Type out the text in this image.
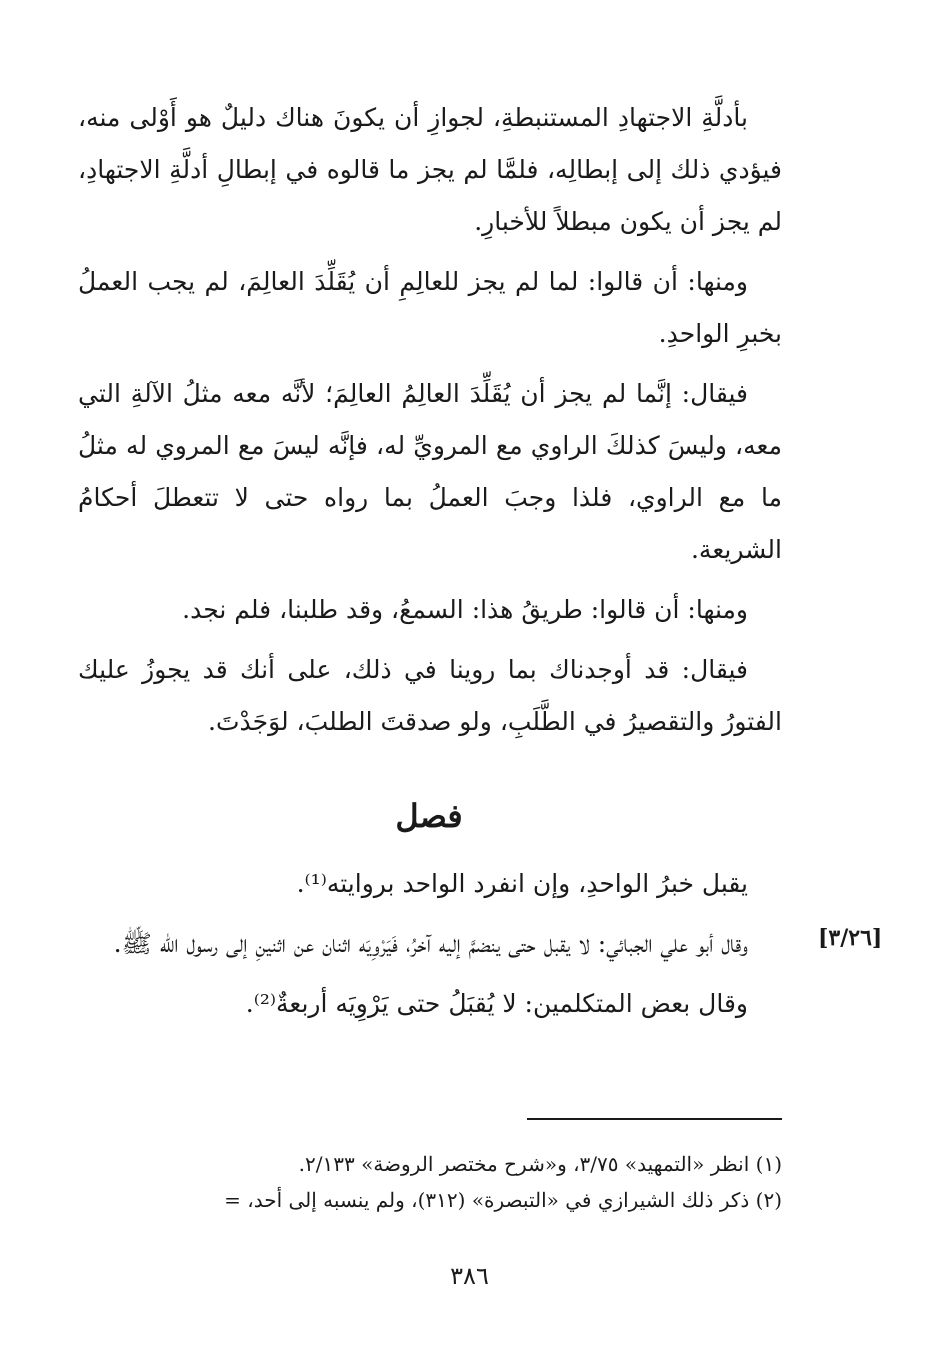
بأدلَّةِ الاجتهادِ المستنبطةِ، لجوازِ أن يكونَ هناك دليلٌ هو أَوْلى منه، فيؤدي ذلك إلى إبطالِه، فلمَّا لم يجز ما قالوه في إبطالِ أدلَّةِ الاجتهادِ، لم يجز أن يكون مبطلاً للأخبارِ.

ومنها: أن قالوا: لما لم يجز للعالِمِ أن يُقَلِّدَ العالِمَ، لم يجب العملُ بخبرِ الواحدِ.

فيقال: إنَّما لم يجز أن يُقَلِّدَ العالِمُ العالِمَ؛ لأنَّه معه مثلُ الآلةِ التي معه، وليسَ كذلكَ الراوي مع المرويِّ له، فإنَّه ليسَ مع المروي له مثلُ ما مع الراوي، فلذا وجبَ العملُ بما رواه حتى لا تتعطلَ أحكامُ الشريعة.

ومنها: أن قالوا: طريقُ هذا: السمعُ، وقد طلبنا، فلم نجد.

فيقال: قد أوجدناك بما روينا في ذلك، على أنك قد يجوزُ عليك الفتورُ والتقصيرُ في الطَّلَبِ، ولو صدقتَ الطلبَ، لوَجَدْتَ.

فصل

يقبل خبرُ الواحدِ، وإن انفرد الواحد بروايته⁽¹⁾.

وقال أبو علي الجبائي: لا يقبل حتى ينضمَّ إليه آخرُ، فَيَرْوِيَه اثنان عن اثنينِ إلى رسول الله ﷺ.

وقال بعض المتكلمين: لا يُقبَلُ حتى يَرْوِيَه أربعةٌ⁽²⁾.

[٣/٢٦]

(١) انظر «التمهيد» ٣/٧٥، و«شرح مختصر الروضة» ٢/١٣٣.

(٢) ذكر ذلك الشيرازي في «التبصرة» (٣١٢)، ولم ينسبه إلى أحد، =

٣٨٦
